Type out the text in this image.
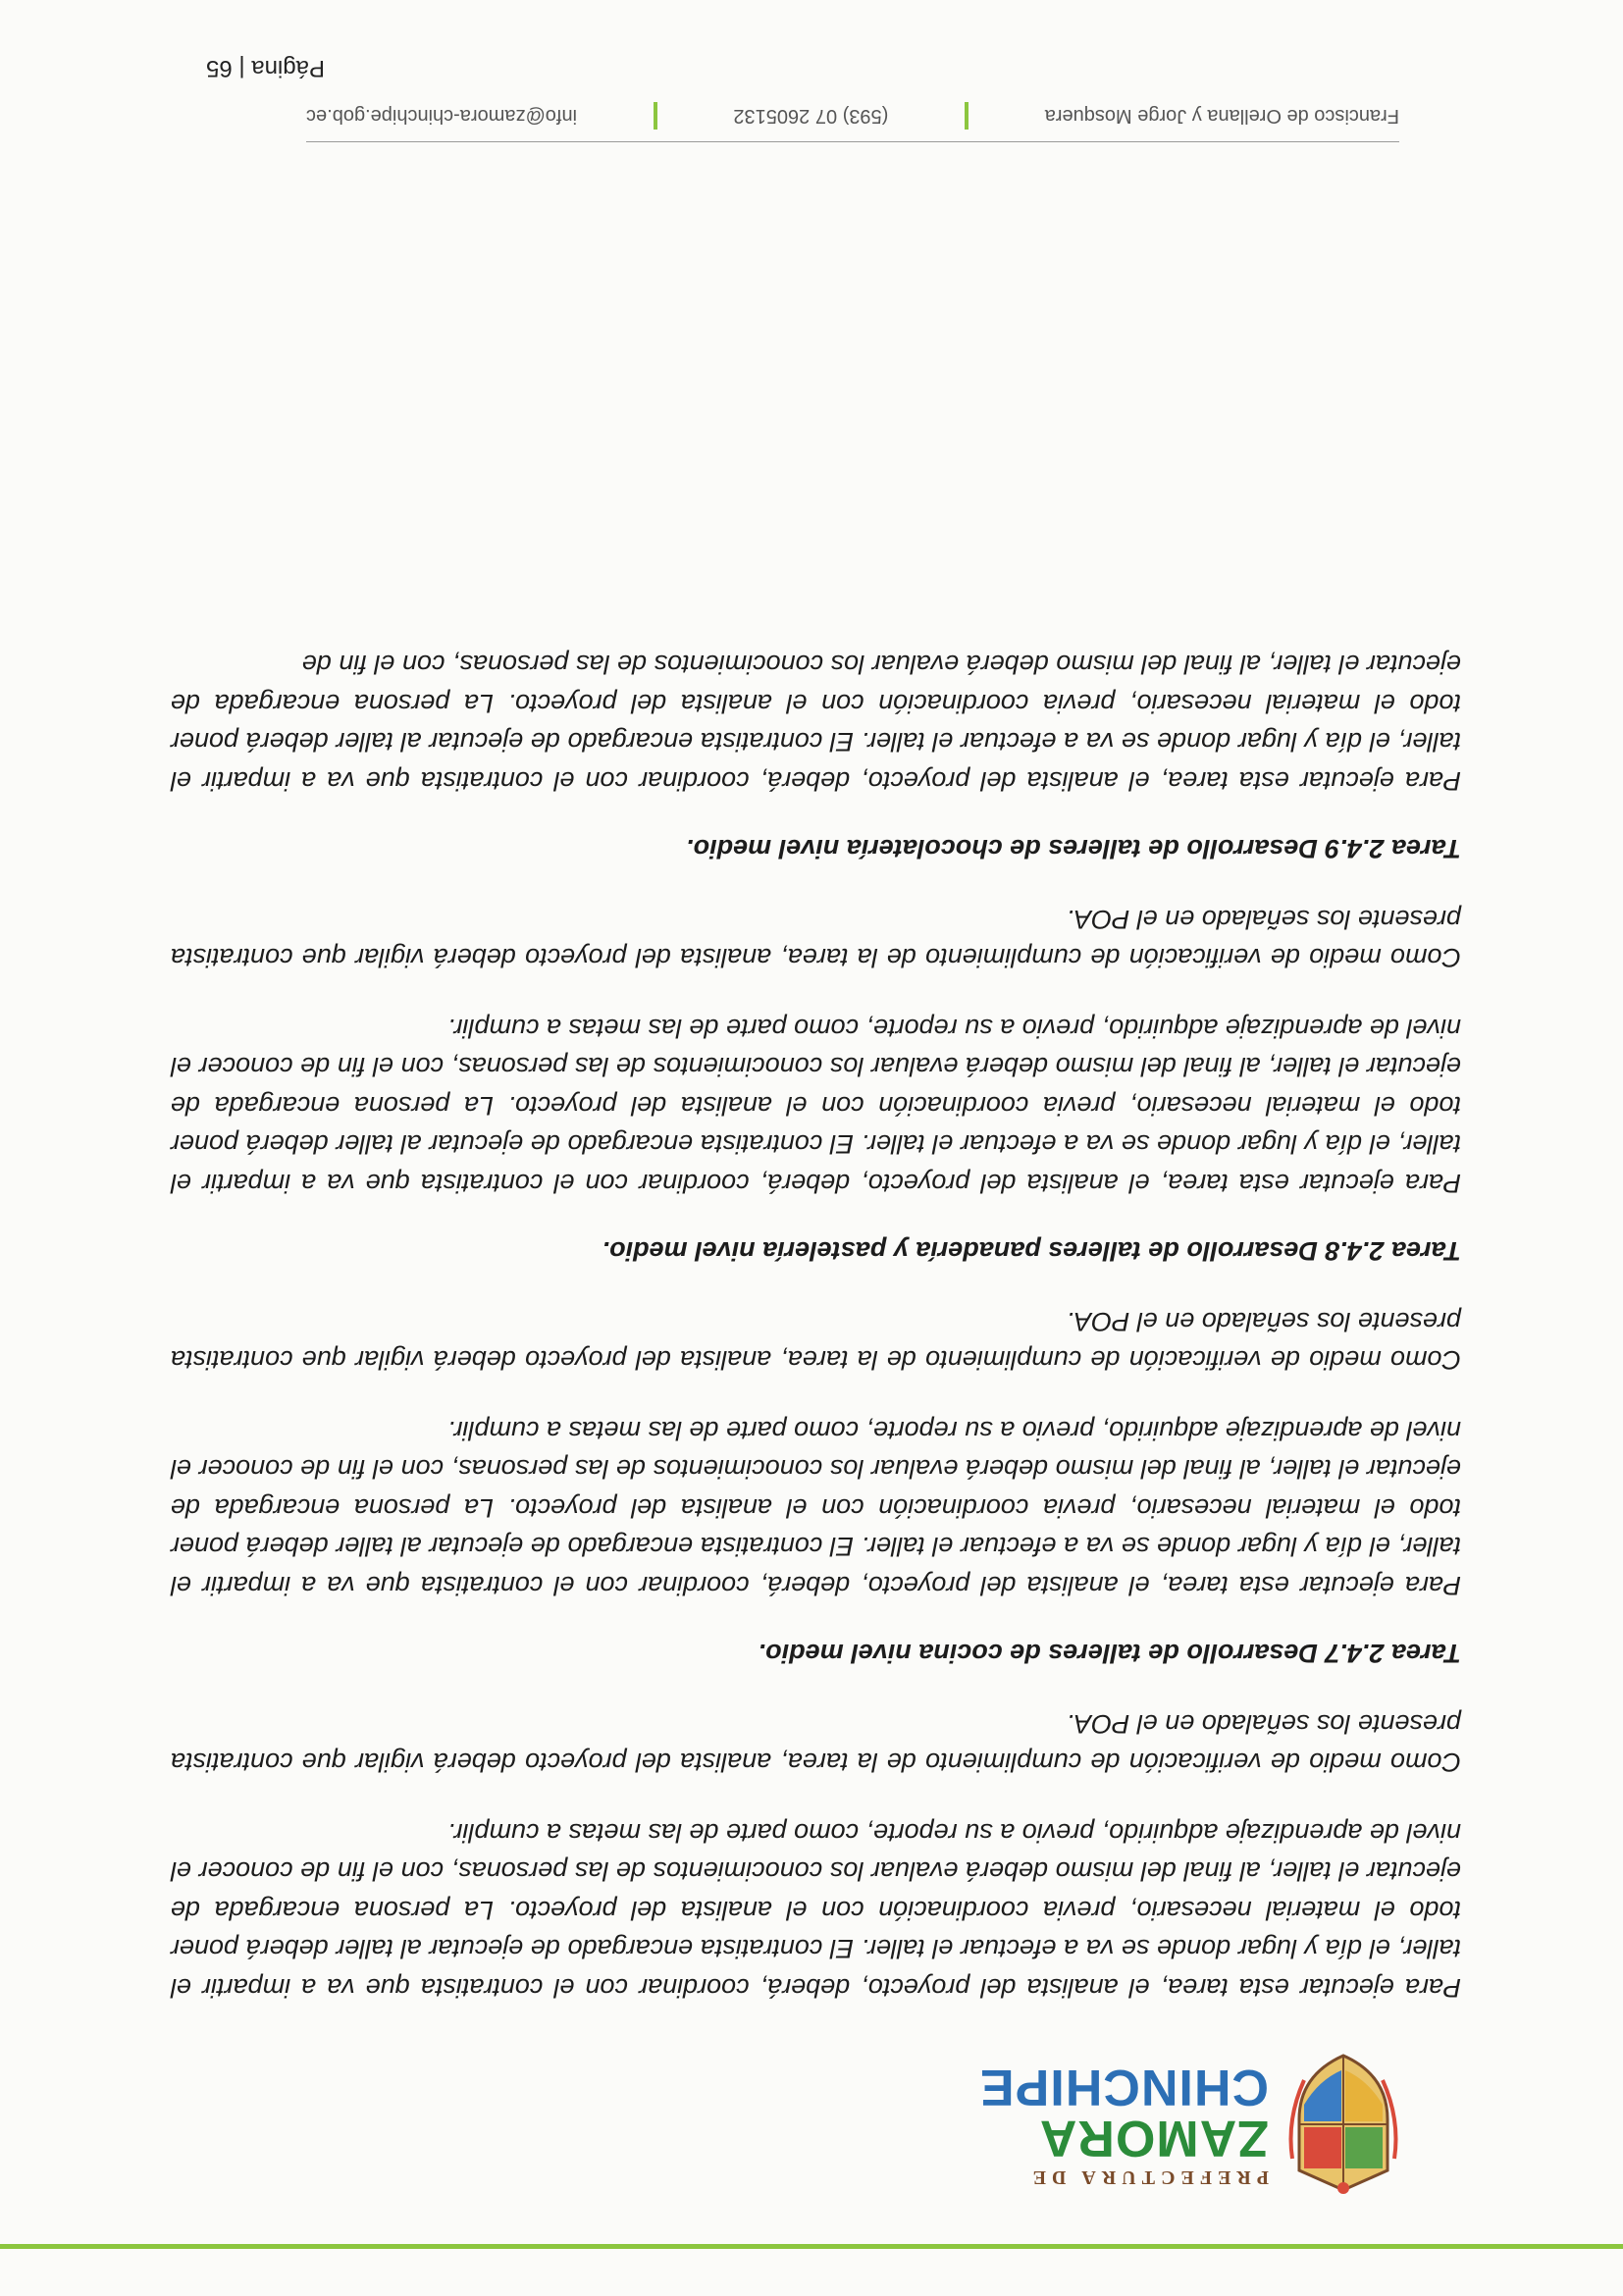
PREFECTURA DE
ZAMORA
CHINCHIPE

Para ejecutar esta tarea, el analista del proyecto, deberá, coordinar con el contratista que va a impartir el taller, el día y lugar donde se va a efectuar el taller. El contratista encargado de ejecutar al taller deberá poner todo el material necesario, previa coordinación con el analista del proyecto. La persona encargada de ejecutar el taller, al final del mismo deberá evaluar los conocimientos de las personas, con el fin de conocer el nivel de aprendizaje adquirido, previo a su reporte, como parte de las metas a cumplir.

Como medio de verificación de cumplimiento de la tarea, analista del proyecto deberá vigilar que contratista presente los señalado en el POA.

Tarea 2.4.7 Desarrollo de talleres de cocina nivel medio.

Para ejecutar esta tarea, el analista del proyecto, deberá, coordinar con el contratista que va a impartir el taller, el día y lugar donde se va a efectuar el taller. El contratista encargado de ejecutar al taller deberá poner todo el material necesario, previa coordinación con el analista del proyecto. La persona encargada de ejecutar el taller, al final del mismo deberá evaluar los conocimientos de las personas, con el fin de conocer el nivel de aprendizaje adquirido, previo a su reporte, como parte de las metas a cumplir.

Como medio de verificación de cumplimiento de la tarea, analista del proyecto deberá vigilar que contratista presente los señalado en el POA.

Tarea 2.4.8 Desarrollo de talleres panadería y pastelería nivel medio.

Para ejecutar esta tarea, el analista del proyecto, deberá, coordinar con el contratista que va a impartir el taller, el día y lugar donde se va a efectuar el taller. El contratista encargado de ejecutar al taller deberá poner todo el material necesario, previa coordinación con el analista del proyecto. La persona encargada de ejecutar el taller, al final del mismo deberá evaluar los conocimientos de las personas, con el fin de conocer el nivel de aprendizaje adquirido, previo a su reporte, como parte de las metas a cumplir.

Como medio de verificación de cumplimiento de la tarea, analista del proyecto deberá vigilar que contratista presente los señalado en el POA.

Tarea 2.4.9 Desarrollo de talleres de chocolatería nivel medio.

Para ejecutar esta tarea, el analista del proyecto, deberá, coordinar con el contratista que va a impartir el taller, el día y lugar donde se va a efectuar el taller. El contratista encargado de ejecutar al taller deberá poner todo el material necesario, previa coordinación con el analista del proyecto. La persona encargada de ejecutar el taller, al final del mismo deberá evaluar los conocimientos de las personas, con el fin de

Francisco de Orellana y Jorge Mosquera
(593) 07 2605132
info@zamora-chinchipe.gob.ec
Página | 65
